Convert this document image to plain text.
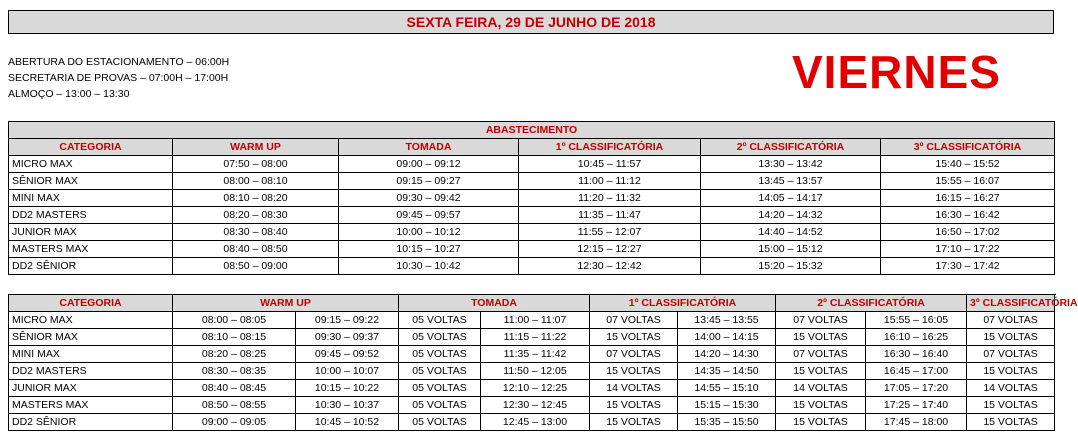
SEXTA FEIRA, 29 DE JUNHO DE 2018
ABERTURA DO ESTACIONAMENTO – 06:00H
SECRETARIA DE PROVAS – 07:00H – 17:00H
ALMOÇO – 13:00 – 13:30	VIERNES
ABASTECIMENTO					
CATEGORIA	WARM UP	TOMADA	1º CLASSIFICATÓRIA	2º CLASSIFICATÓRIA	3º CLASSIFICATÓRIA
MICRO MAX	07:50 – 08:00	09:00 – 09:12	10:45 – 11:57	13:30 – 13:42	15:40 – 15:52
SÊNIOR MAX	08:00 – 08:10	09:15 – 09:27	11:00 – 11:12	13:45 – 13:57	15:55 – 16:07
MINI MAX	08:10 – 08:20	09:30 – 09:42	11:20 – 11:32	14:05 – 14:17	16:15 – 16:27
DD2 MASTERS	08:20 – 08:30	09:45 – 09:57	11:35 – 11:47	14:20 – 14:32	16:30 – 16:42
JUNIOR MAX	08:30 – 08:40	10:00 – 10:12	11:55 – 12:07	14:40 – 14:52	16:50 – 17:02
MASTERS MAX	08:40 – 08:50	10:15 – 10:27	12:15 – 12:27	15:00 – 15:12	17:10 – 17:22
DD2 SÊNIOR	08:50 – 09:00	10:30 – 10:42	12:30 – 12:42	15:20 – 15:32	17:30 – 17:42
CATEGORIA	WARM UP		TOMADA		1º CLASSIFICATÓRIA		2º CLASSIFICATÓRIA		3º CLASSIFICATÓRIA
MICRO MAX	08:00 – 08:05	09:15 – 09:22	05 VOLTAS	11:00 – 11:07	07 VOLTAS	13:45 – 13:55	07 VOLTAS	15:55 – 16:05	07 VOLTAS
SÊNIOR MAX	08:10 – 08:15	09:30 – 09:37	05 VOLTAS	11:15 – 11:22	15 VOLTAS	14:00 – 14:15	15 VOLTAS	16:10 – 16:25	15 VOLTAS
MINI MAX	08:20 – 08:25	09:45 – 09:52	05 VOLTAS	11:35 – 11:42	07 VOLTAS	14:20 – 14:30	07 VOLTAS	16:30 – 16:40	07 VOLTAS
DD2 MASTERS	08:30 – 08:35	10:00 – 10:07	05 VOLTAS	11:50 – 12:05	15 VOLTAS	14:35 – 14:50	15 VOLTAS	16:45 – 17:00	15 VOLTAS
JUNIOR MAX	08:40 – 08:45	10:15 – 10:22	05 VOLTAS	12:10 – 12:25	14 VOLTAS	14:55 – 15:10	14 VOLTAS	17:05 – 17:20	14 VOLTAS
MASTERS MAX	08:50 – 08:55	10:30 – 10:37	05 VOLTAS	12:30 – 12:45	15 VOLTAS	15:15 – 15:30	15 VOLTAS	17:25 – 17:40	15 VOLTAS
DD2 SÊNIOR	09:00 – 09:05	10:45 – 10:52	05 VOLTAS	12:45 – 13:00	15 VOLTAS	15:35 – 15:50	15 VOLTAS	17:45 – 18:00	15 VOLTAS
